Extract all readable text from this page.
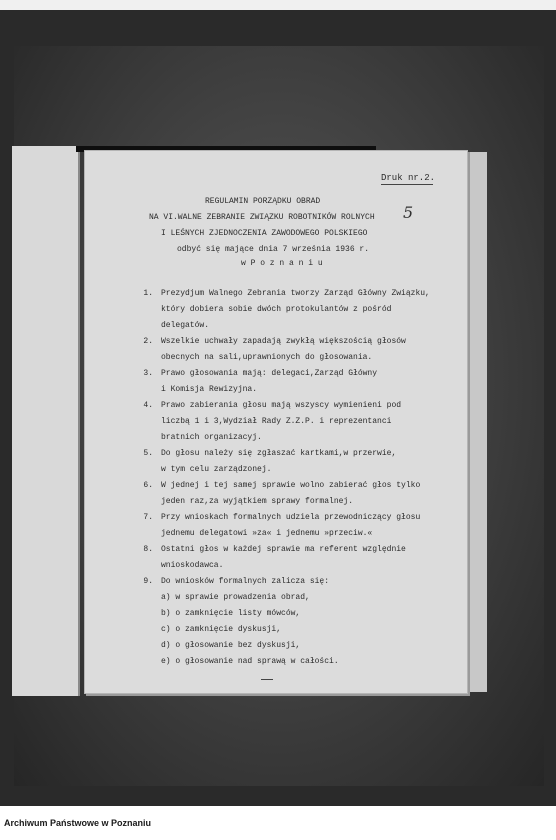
Druk nr.2.
REGULAMIN PORZĄDKU OBRAD
NA VI.WALNE ZEBRANIE ZWIĄZKU ROBOTNIKÓW ROLNYCH
I LEŚNYCH ZJEDNOCZENIA ZAWODOWEGO POLSKIEGO
odbyć się mające dnia 7 września 1936 r.
w P o z n a n i u
5
1. Prezydjum Walnego Zebrania tworzy Zarząd Główny Związku,
który dobiera sobie dwóch protokulantów z pośród
delegatów.
2. Wszelkie uchwały zapadają zwykłą większością głosów
obecnych na sali,uprawnionych do głosowania.
3. Prawo głosowania mają: delegaci,Zarząd Główny
i Komisja Rewizyjna.
4. Prawo zabierania głosu mają wszyscy wymienieni pod
liczbą 1 i 3,Wydział Rady Z.Z.P. i reprezentanci
bratnich organizacyj.
5. Do głosu należy się zgłaszać kartkami,w przerwie,
w tym celu zarządzonej.
6. W jednej i tej samej sprawie wolno zabierać głos tylko
jeden raz,za wyjątkiem sprawy formalnej.
7. Przy wnioskach formalnych udziela przewodniczący głosu
jednemu delegatowi »za« i jednemu »przeciw.«
8. Ostatni głos w każdej sprawie ma referent względnie
wnioskodawca.
9. Do wniosków formalnych zalicza się:
a) w sprawie prowadzenia obrad,
b) o zamknięcie listy mówców,
c) o zamknięcie dyskusji,
d) o głosowanie bez dyskusji,
e) o głosowanie nad sprawą w całości.
Archiwum Państwowe w Poznaniu
